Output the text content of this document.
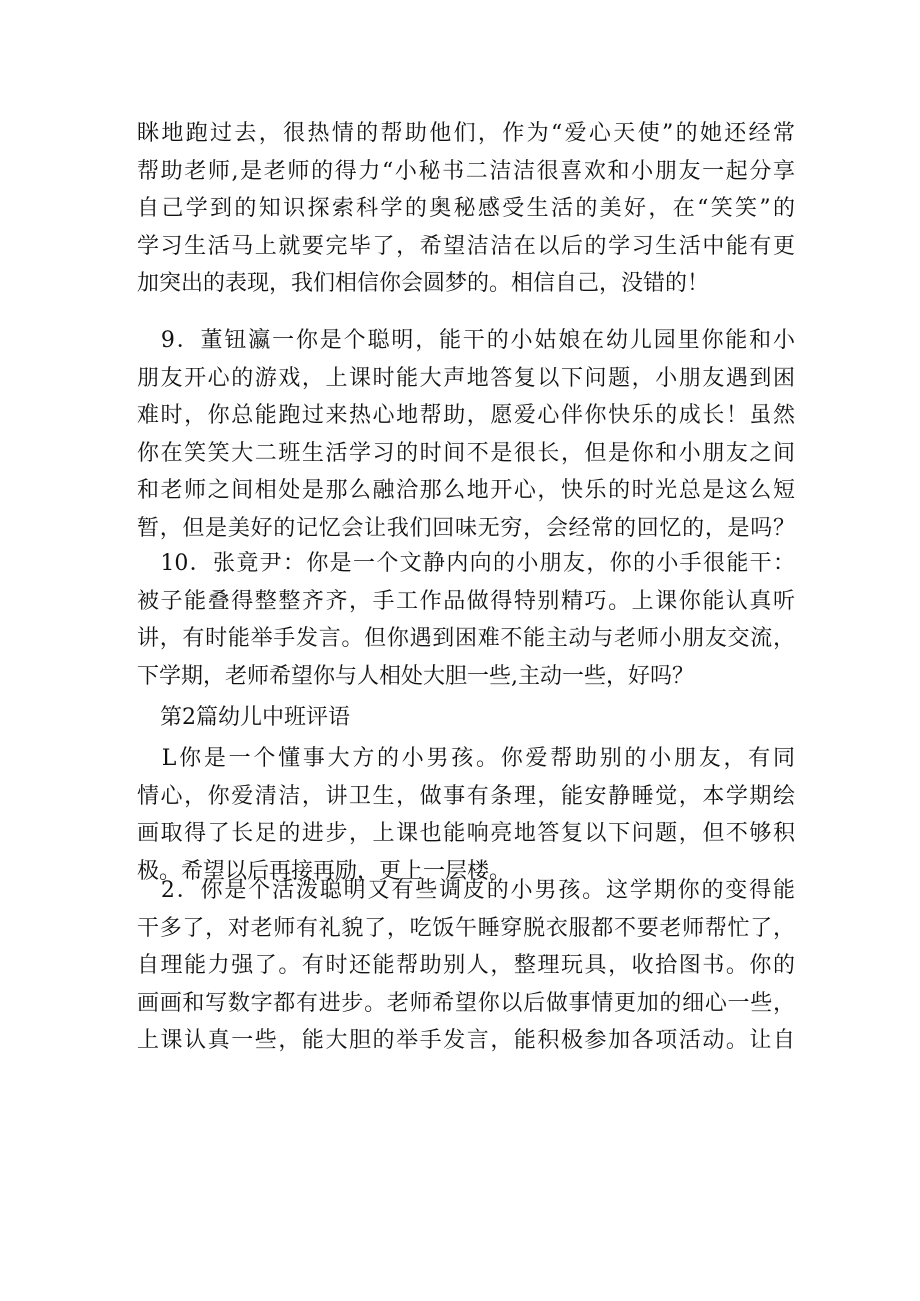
眯地跑过去，很热情的帮助他们，作为“爱心天使”的她还经常
帮助老师,是老师的得力“小秘书二洁洁很喜欢和小朋友一起分享
自己学到的知识探索科学的奥秘感受生活的美好，在“笑笑”的
学习生活马上就要完毕了，希望洁洁在以后的学习生活中能有更
加突出的表现，我们相信你会圆梦的。相信自己，没错的！
　9．董钮瀛一你是个聪明，能干的小姑娘在幼儿园里你能和小
朋友开心的游戏，上课时能大声地答复以下问题，小朋友遇到困
难时，你总能跑过来热心地帮助，愿爱心伴你快乐的成长！虽然
你在笑笑大二班生活学习的时间不是很长，但是你和小朋友之间
和老师之间相处是那么融洽那么地开心，快乐的时光总是这么短
暂，但是美好的记忆会让我们回味无穷，会经常的回忆的，是吗？
　10．张竟尹：你是一个文静内向的小朋友，你的小手很能干：
被子能叠得整整齐齐，手工作品做得特别精巧。上课你能认真听
讲，有时能举手发言。但你遇到困难不能主动与老师小朋友交流，
下学期，老师希望你与人相处大胆一些,主动一些，好吗？
第2篇幼儿中班评语
　L你是一个懂事大方的小男孩。你爱帮助别的小朋友，有同
情心，你爱清洁，讲卫生，做事有条理，能安静睡觉，本学期绘
画取得了长足的进步，上课也能响亮地答复以下问题，但不够积
极。希望以后再接再励，更上一层楼。
　2．你是个活泼聪明又有些调皮的小男孩。这学期你的变得能
干多了，对老师有礼貌了，吃饭午睡穿脱衣服都不要老师帮忙了，
自理能力强了。有时还能帮助别人，整理玩具，收拾图书。你的
画画和写数字都有进步。老师希望你以后做事情更加的细心一些，
上课认真一些，能大胆的举手发言，能积极参加各项活动。让自
